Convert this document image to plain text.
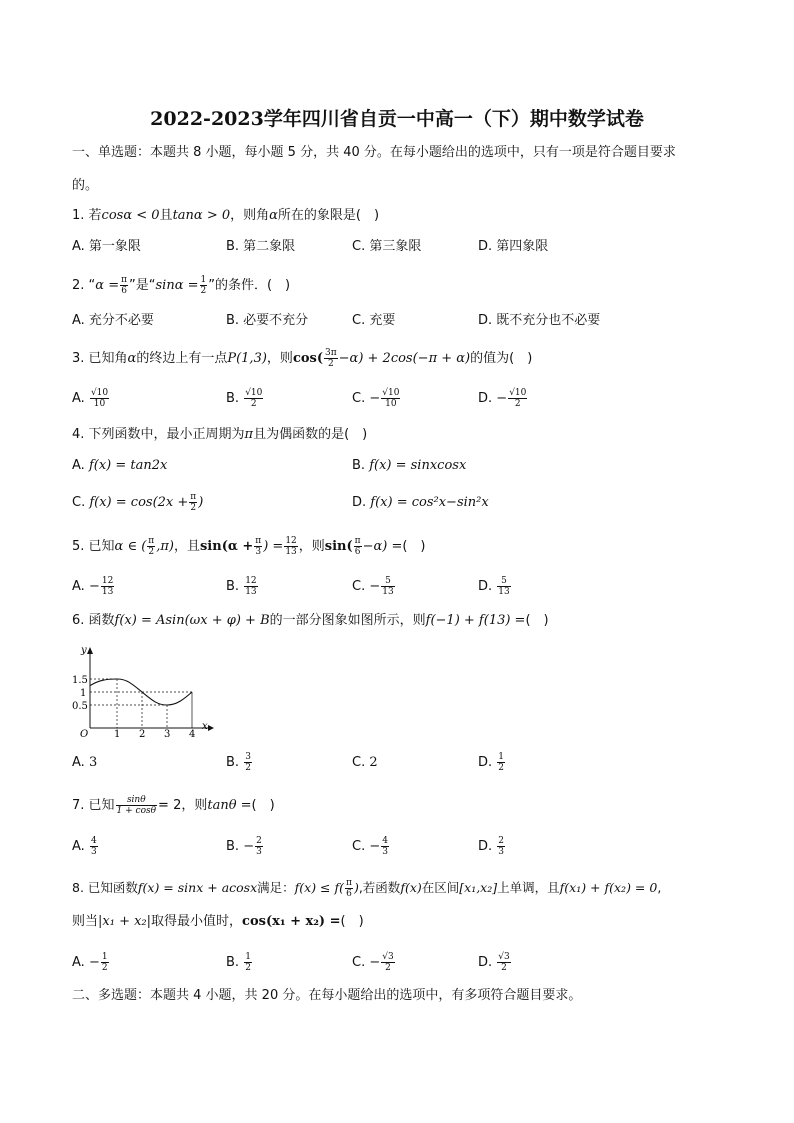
2022-2023学年四川省自贡一中高一（下）期中数学试卷
一、单选题：本题共 8 小题，每小题 5 分，共 40 分。在每小题给出的选项中，只有一项是符合题目要求
的。
1. 若cosα < 0且tanα > 0，则角α所在的象限是(　)
A. 第一象限	B. 第二象限	C. 第三象限	D. 第四象限
2. “$\alpha = \frac{\pi}{6}$ ”是“$\sin\alpha = \frac{1}{2}$ ”的条件．(　)
A. 充分不必要	B. 必要不充分	C. 充要	D. 既不充分也不必要
3. 已知角α的终边上有一点P(1,3)，则$\cos( \frac{3\pi}{2} -\alpha) + 2\cos(-\pi + \alpha)$的值为(　)
A. $\frac{√10}{10}$	B. $\frac{√10}{2}$	C. − $\frac{√10}{10}$	D. − $\frac{√10}{2}$
4. 下列函数中，最小正周期为π且为偶函数的是(　)
A. f(x) = tan2x	B. f(x) = sinxcosx
C. $f(x) = \cos(2x + \frac{\pi}{2}$ )	D. f(x) = cos²x−sin²x
5. 已知α ∈ ( $\frac{\pi}{2} ,\pi$)，且$\sin(\alpha + \frac{\pi}{3}$ ) = $\frac{12}{13}$ ，则$\sin( \frac{\pi}{6} -\alpha)$ =(　)
A. − $\frac{12}{13}$	B. $\frac{12}{13}$	C. − $\frac{5}{13}$	D. $\frac{5}{13}$
6. 函数f(x) = Asin(ωx + φ) + B的一部分图象如图所示，则f(−1) + f(13) =(　)
y
x
O
1.5
1
0.5
1 2 3 4
A. 3	B. $\frac{3}{2}$	C. 2	D. $\frac{1}{2}$
7. 已知 $\frac{\sin\theta}{1 + \cos\theta} = 2$，则tanθ =(　)
A. $\frac{4}{3}$	B. − $\frac{2}{3}$	C. − $\frac{4}{3}$	D. $\frac{2}{3}$
8. 已知函数f(x) = sinx + acosx满足：$f(x) \le f( \frac{\pi}{6}$ ),若函数f(x)在区间[x₁,x₂]上单调，且f(x₁) + f(x₂) = 0,
则当|x₁ + x₂|取得最小值时，cos(x₁ + x₂) =(　)
A. − $\frac{1}{2}$	B. $\frac{1}{2}$	C. − $\frac{√3}{2}$	D. $\frac{√3}{2}$
二、多选题：本题共 4 小题，共 20 分。在每小题给出的选项中，有多项符合题目要求。
